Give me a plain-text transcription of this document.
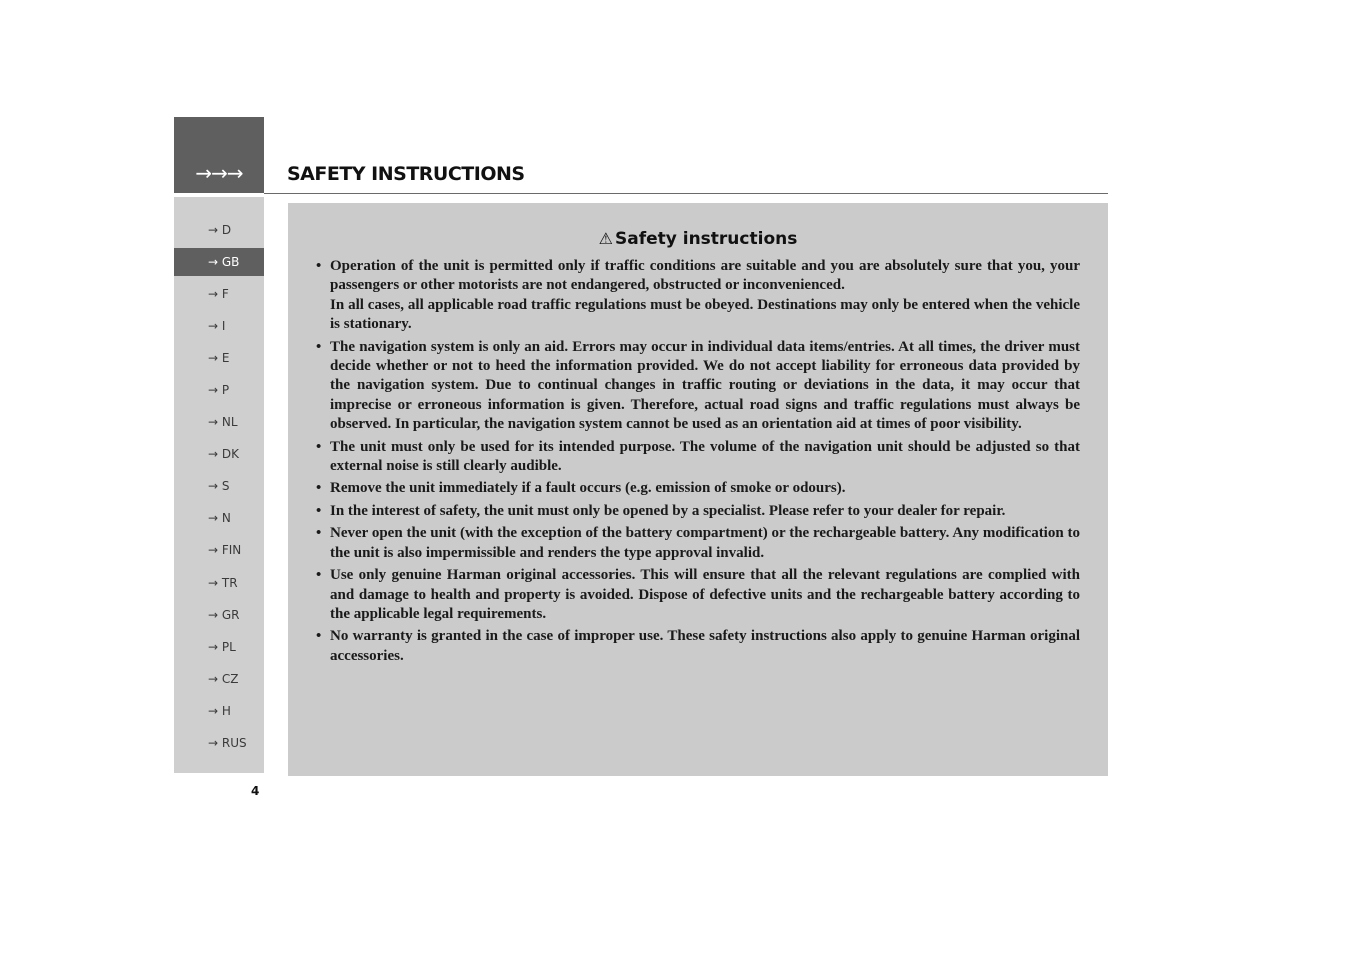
→→→	SAFETY INSTRUCTIONS
→ D
→ GB
→ F
→ I
→ E
→ P
→ NL
→ DK
→ S
→ N
→ FIN
→ TR
→ GR
→ PL
→ CZ
→ H
→ RUS
4
⚠ Safety instructions
• Operation of the unit is permitted only if traffic conditions are suitable and you are absolutely sure that you, your passengers or other motorists are not endangered, obstructed or inconvenienced.

In all cases, all applicable road traffic regulations must be obeyed. Destinations may only be entered when the vehicle is stationary.

• The navigation system is only an aid. Errors may occur in individual data items/entries. At all times, the driver must decide whether or not to heed the information provided. We do not accept liability for erroneous data provided by the navigation system. Due to continual changes in traffic routing or deviations in the data, it may occur that imprecise or erroneous information is given. Therefore, actual road signs and traffic regulations must always be observed. In particular, the navigation system cannot be used as an orientation aid at times of poor visibility.

• The unit must only be used for its intended purpose. The volume of the navigation unit should be adjusted so that external noise is still clearly audible.

• Remove the unit immediately if a fault occurs (e.g. emission of smoke or odours).

• In the interest of safety, the unit must only be opened by a specialist. Please refer to your dealer for repair.

• Never open the unit (with the exception of the battery compartment) or the rechargeable battery. Any modification to the unit is also impermissible and renders the type approval invalid.

• Use only genuine Harman original accessories. This will ensure that all the relevant regulations are complied with and damage to health and property is avoided. Dispose of defective units and the rechargeable battery according to the applicable legal requirements.

• No warranty is granted in the case of improper use. These safety instructions also apply to genuine Harman original accessories.
